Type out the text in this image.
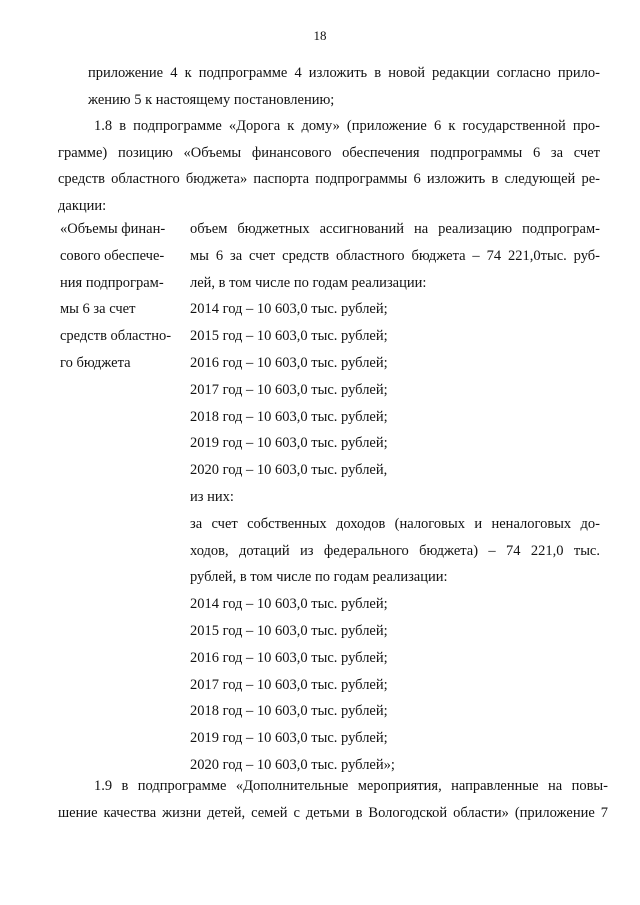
18
приложение 4 к подпрограмме 4 изложить в новой редакции согласно прило-
жению 5 к настоящему постановлению;
1.8 в подпрограмме «Дорога к дому» (приложение 6 к государственной про-
грамме) позицию «Объемы финансового обеспечения подпрограммы 6 за счет
средств областного бюджета» паспорта подпрограммы 6 изложить в следующей ре-
дакции:
«Объемы финан-
сового обеспече-
ния подпрограм-
мы 6 за счет
средств областно-
го бюджета
объем бюджетных ассигнований на реализацию подпрограм-
мы 6 за счет средств областного бюджета – 74 221,0тыс. руб-
лей, в том числе по годам реализации:
2014 год – 10 603,0 тыс. рублей;
2015 год – 10 603,0 тыс. рублей;
2016 год – 10 603,0 тыс. рублей;
2017 год – 10 603,0 тыс. рублей;
2018 год – 10 603,0 тыс. рублей;
2019 год – 10 603,0 тыс. рублей;
2020 год – 10 603,0 тыс. рублей,
из них:
за счет собственных доходов (налоговых и неналоговых до-
ходов, дотаций из федерального бюджета) – 74 221,0 тыс.
рублей, в том числе по годам реализации:
2014 год – 10 603,0 тыс. рублей;
2015 год – 10 603,0 тыс. рублей;
2016 год – 10 603,0 тыс. рублей;
2017 год – 10 603,0 тыс. рублей;
2018 год – 10 603,0 тыс. рублей;
2019 год – 10 603,0 тыс. рублей;
2020 год – 10 603,0 тыс. рублей»;
1.9 в подпрограмме «Дополнительные мероприятия, направленные на повы-
шение качества жизни детей, семей с детьми в Вологодской области» (приложение 7
